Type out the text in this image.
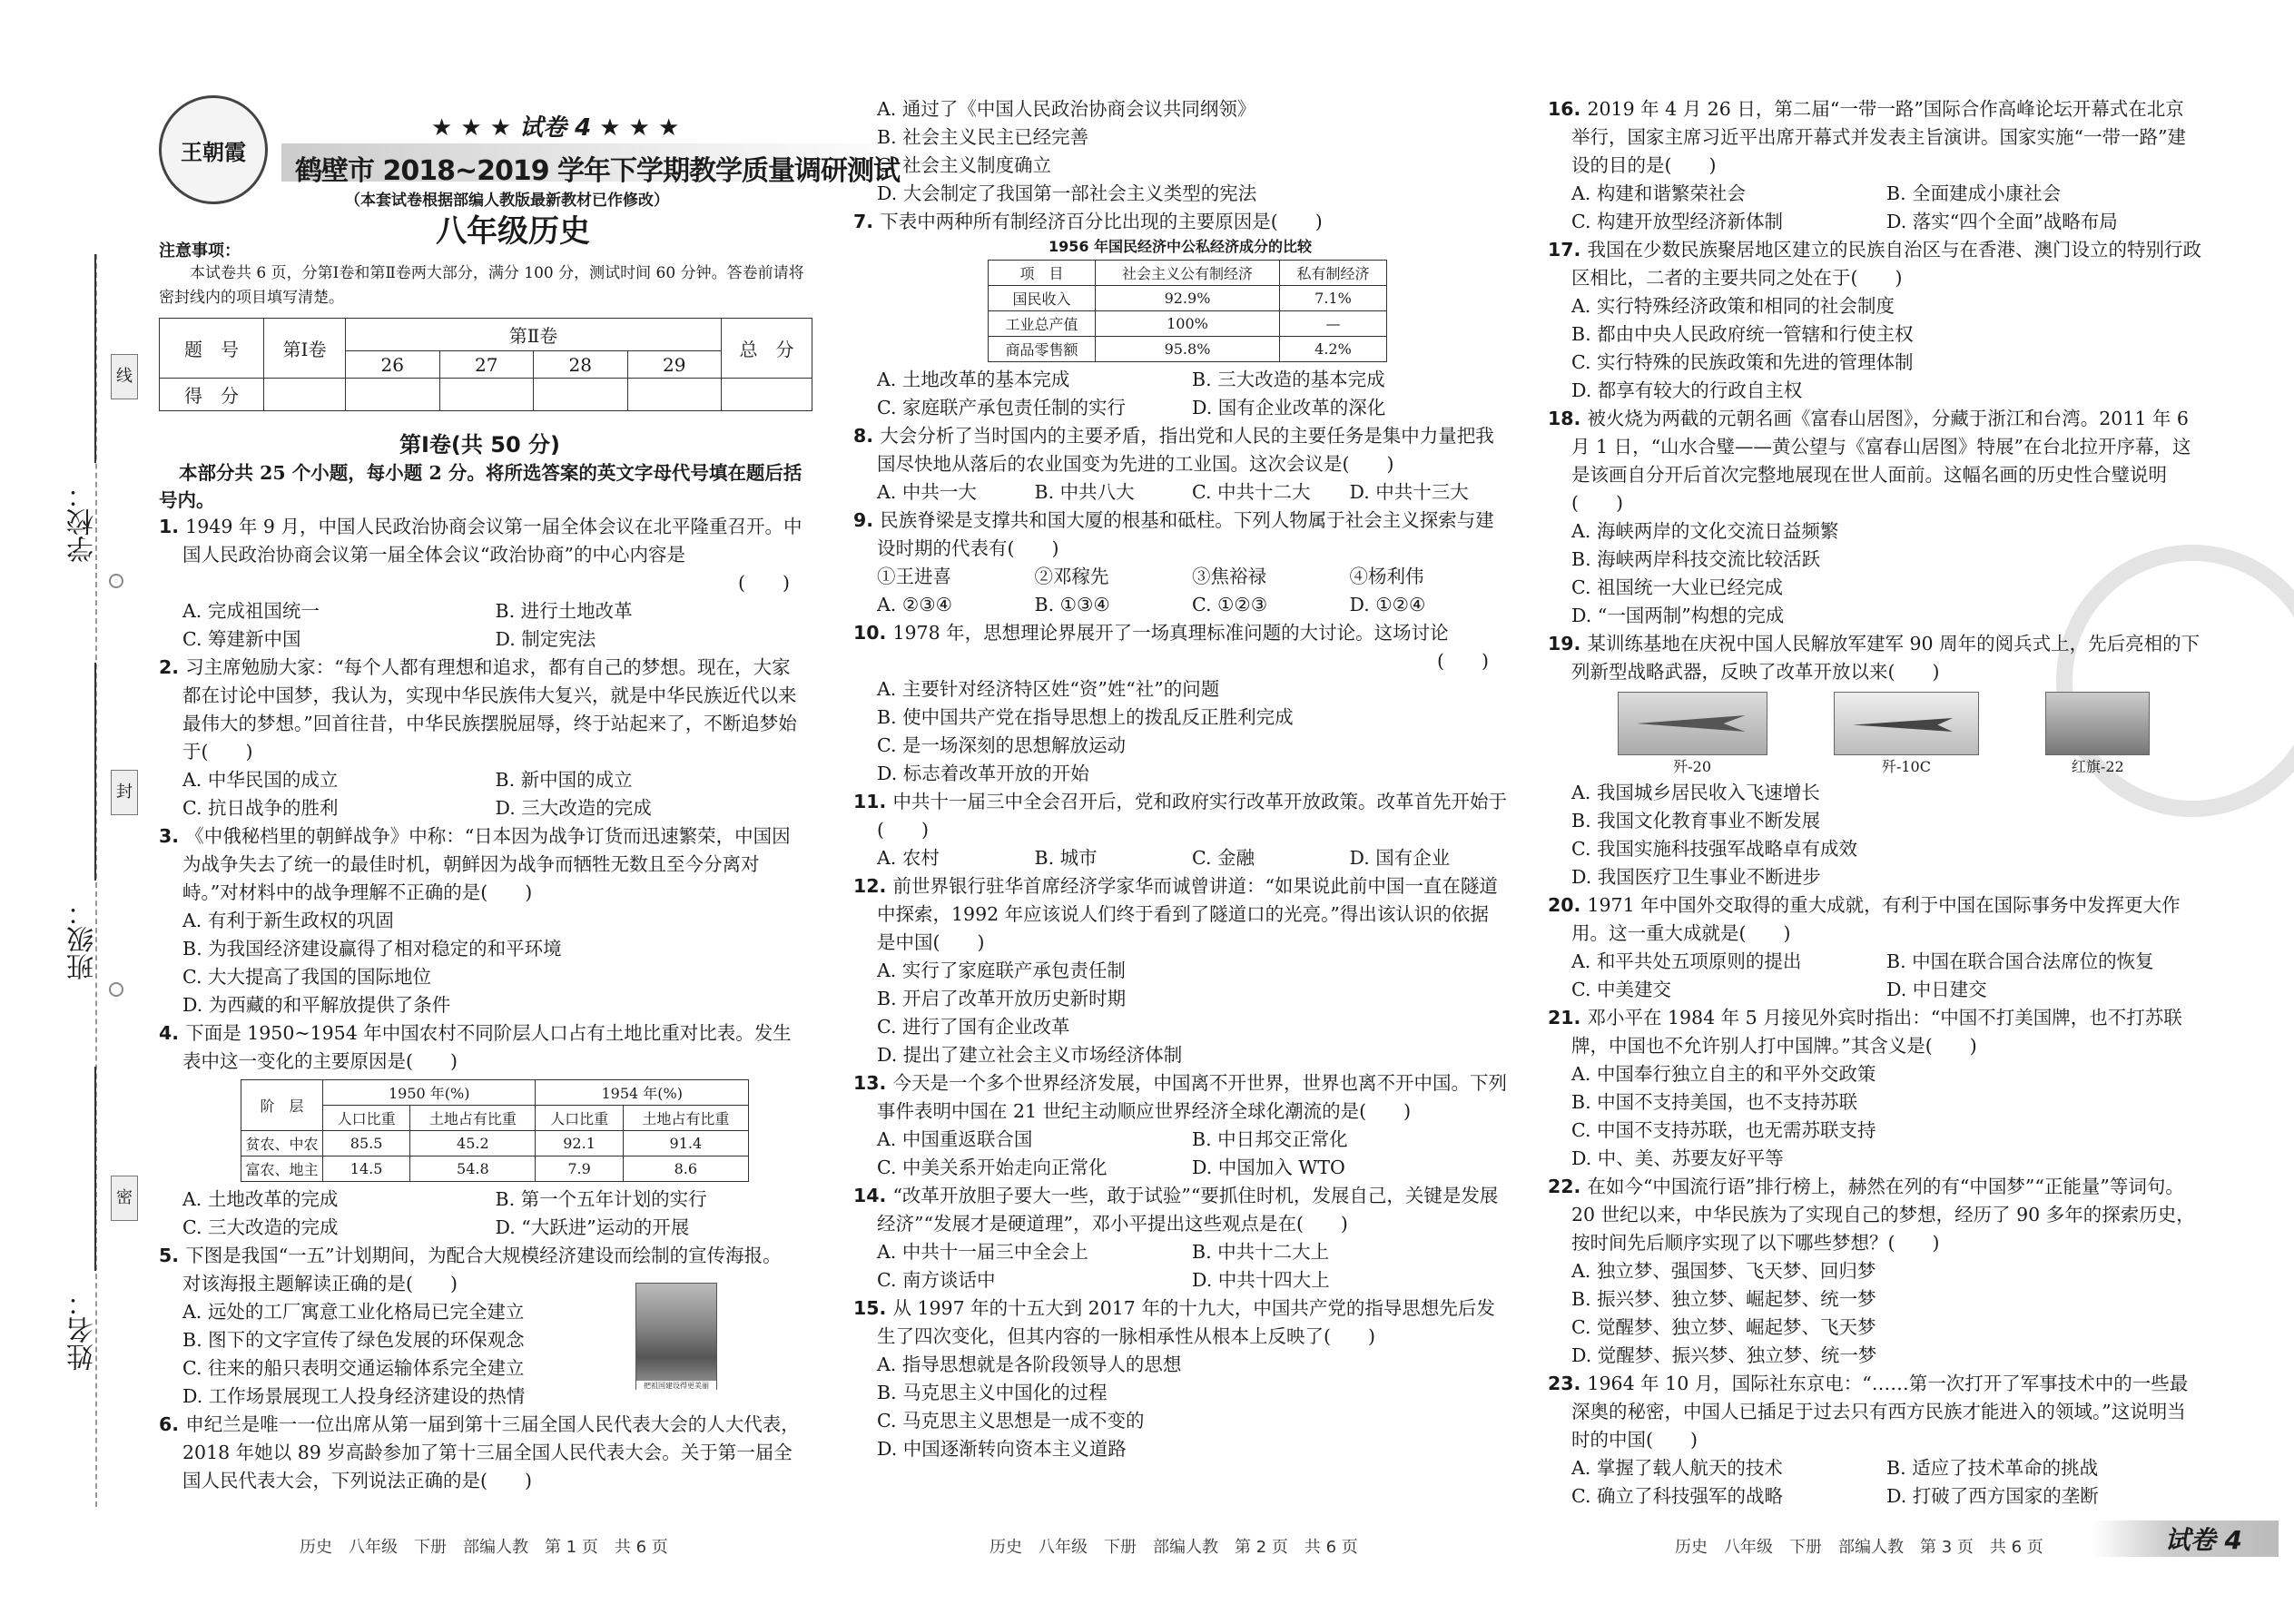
线
封
密
学校：
班级：
姓名：
王朝霞
★ ★ ★ 试卷 4 ★ ★ ★
鹤壁市 2018~2019 学年下学期教学质量调研测试
（本套试卷根据部编人教版最新教材已作修改）
八年级历史
注意事项：
本试卷共 6 页，分第Ⅰ卷和第Ⅱ卷两大部分，满分 100 分，测试时间 60 分钟。答卷前请将密封线内的项目填写清楚。
题　号	第Ⅰ卷	第Ⅱ卷				总　分
		26	27	28	29	
得　分						
第Ⅰ卷(共 50 分)
本部分共 25 个小题，每小题 2 分。将所选答案的英文字母代号填在题后括号内。
1. 1949 年 9 月，中国人民政治协商会议第一届全体会议在北平隆重召开。中国人民政治协商会议第一届全体会议“政治协商”的中心内容是
(　　)
A. 完成祖国统一	B. 进行土地改革
C. 筹建新中国	D. 制定宪法
2. 习主席勉励大家：“每个人都有理想和追求，都有自己的梦想。现在，大家都在讨论中国梦，我认为，实现中华民族伟大复兴，就是中华民族近代以来最伟大的梦想。”回首往昔，中华民族摆脱屈辱，终于站起来了，不断追梦始于(　　)
A. 中华民国的成立	B. 新中国的成立
C. 抗日战争的胜利	D. 三大改造的完成
3. 《中俄秘档里的朝鲜战争》中称：“日本因为战争订货而迅速繁荣，中国因为战争失去了统一的最佳时机，朝鲜因为战争而牺牲无数且至今分离对峙。”对材料中的战争理解不正确的是(　　)
A. 有利于新生政权的巩固
B. 为我国经济建设赢得了相对稳定的和平环境
C. 大大提高了我国的国际地位
D. 为西藏的和平解放提供了条件
4. 下面是 1950~1954 年中国农村不同阶层人口占有土地比重对比表。发生表中这一变化的主要原因是(　　)
阶　层	1950 年(%)		1954 年(%)	
	人口比重	土地占有比重	人口比重	土地占有比重
贫农、中农	85.5	45.2	92.1	91.4
富农、地主	14.5	54.8	7.9	8.6
A. 土地改革的完成	B. 第一个五年计划的实行
C. 三大改造的完成	D. “大跃进”运动的开展
5. 下图是我国“一五”计划期间，为配合大规模经济建设而绘制的宣传海报。对该海报主题解读正确的是(　　)
A. 远处的工厂寓意工业化格局已完全建立
B. 图下的文字宣传了绿色发展的环保观念
C. 往来的船只表明交通运输体系完全建立
D. 工作场景展现工人投身经济建设的热情	把祖国建设得更美丽
6. 申纪兰是唯一一位出席从第一届到第十三届全国人民代表大会的人大代表，2018 年她以 89 岁高龄参加了第十三届全国人民代表大会。关于第一届全国人民代表大会，下列说法正确的是(　　)
历史　八年级　下册　部编人教　第 1 页　共 6 页
A. 通过了《中国人民政治协商会议共同纲领》
B. 社会主义民主已经完善
C. 社会主义制度确立
D. 大会制定了我国第一部社会主义类型的宪法
7. 下表中两种所有制经济百分比出现的主要原因是(　　)
1956 年国民经济中公私经济成分的比较
项　目	社会主义公有制经济	私有制经济
国民收入	92.9%	7.1%
工业总产值	100%	—
商品零售额	95.8%	4.2%
A. 土地改革的基本完成	B. 三大改造的基本完成
C. 家庭联产承包责任制的实行	D. 国有企业改革的深化
8. 大会分析了当时国内的主要矛盾，指出党和人民的主要任务是集中力量把我国尽快地从落后的农业国变为先进的工业国。这次会议是(　　)
A. 中共一大	B. 中共八大	C. 中共十二大	D. 中共十三大
9. 民族脊梁是支撑共和国大厦的根基和砥柱。下列人物属于社会主义探索与建设时期的代表有(　　)
①王进喜	②邓稼先	③焦裕禄	④杨利伟
A. ②③④	B. ①③④	C. ①②③	D. ①②④
10. 1978 年，思想理论界展开了一场真理标准问题的大讨论。这场讨论
(　　)
A. 主要针对经济特区姓“资”姓“社”的问题
B. 使中国共产党在指导思想上的拨乱反正胜利完成
C. 是一场深刻的思想解放运动
D. 标志着改革开放的开始
11. 中共十一届三中全会召开后，党和政府实行改革开放政策。改革首先开始于(　　)
A. 农村	B. 城市	C. 金融	D. 国有企业
12. 前世界银行驻华首席经济学家华而诚曾讲道：“如果说此前中国一直在隧道中探索，1992 年应该说人们终于看到了隧道口的光亮。”得出该认识的依据是中国(　　)
A. 实行了家庭联产承包责任制
B. 开启了改革开放历史新时期
C. 进行了国有企业改革
D. 提出了建立社会主义市场经济体制
13. 今天是一个多个世界经济发展，中国离不开世界，世界也离不开中国。下列事件表明中国在 21 世纪主动顺应世界经济全球化潮流的是(　　)
A. 中国重返联合国	B. 中日邦交正常化
C. 中美关系开始走向正常化	D. 中国加入 WTO
14. “改革开放胆子要大一些，敢于试验”“要抓住时机，发展自己，关键是发展经济”“发展才是硬道理”，邓小平提出这些观点是在(　　)
A. 中共十一届三中全会上	B. 中共十二大上
C. 南方谈话中	D. 中共十四大上
15. 从 1997 年的十五大到 2017 年的十九大，中国共产党的指导思想先后发生了四次变化，但其内容的一脉相承性从根本上反映了(　　)
A. 指导思想就是各阶段领导人的思想
B. 马克思主义中国化的过程
C. 马克思主义思想是一成不变的
D. 中国逐渐转向资本主义道路
历史　八年级　下册　部编人教　第 2 页　共 6 页
16. 2019 年 4 月 26 日，第二届“一带一路”国际合作高峰论坛开幕式在北京举行，国家主席习近平出席开幕式并发表主旨演讲。国家实施“一带一路”建设的目的是(　　)
A. 构建和谐繁荣社会	B. 全面建成小康社会
C. 构建开放型经济新体制	D. 落实“四个全面”战略布局
17. 我国在少数民族聚居地区建立的民族自治区与在香港、澳门设立的特别行政区相比，二者的主要共同之处在于(　　)
A. 实行特殊经济政策和相同的社会制度
B. 都由中央人民政府统一管辖和行使主权
C. 实行特殊的民族政策和先进的管理体制
D. 都享有较大的行政自主权
18. 被火烧为两截的元朝名画《富春山居图》，分藏于浙江和台湾。2011 年 6 月 1 日，“山水合璧——黄公望与《富春山居图》特展”在台北拉开序幕，这是该画自分开后首次完整地展现在世人面前。这幅名画的历史性合璧说明(　　)
A. 海峡两岸的文化交流日益频繁
B. 海峡两岸科技交流比较活跃
C. 祖国统一大业已经完成
D. “一国两制”构想的完成
19. 某训练基地在庆祝中国人民解放军建军 90 周年的阅兵式上，先后亮相的下列新型战略武器，反映了改革开放以来(　　)
歼-20	歼-10C	红旗-22
A. 我国城乡居民收入飞速增长
B. 我国文化教育事业不断发展
C. 我国实施科技强军战略卓有成效
D. 我国医疗卫生事业不断进步
20. 1971 年中国外交取得的重大成就，有利于中国在国际事务中发挥更大作用。这一重大成就是(　　)
A. 和平共处五项原则的提出	B. 中国在联合国合法席位的恢复
C. 中美建交	D. 中日建交
21. 邓小平在 1984 年 5 月接见外宾时指出：“中国不打美国牌，也不打苏联牌，中国也不允许别人打中国牌。”其含义是(　　)
A. 中国奉行独立自主的和平外交政策
B. 中国不支持美国，也不支持苏联
C. 中国不支持苏联，也无需苏联支持
D. 中、美、苏要友好平等
22. 在如今“中国流行语”排行榜上，赫然在列的有“中国梦”“正能量”等词句。20 世纪以来，中华民族为了实现自己的梦想，经历了 90 多年的探索历史，按时间先后顺序实现了以下哪些梦想？(　　)
A. 独立梦、强国梦、飞天梦、回归梦
B. 振兴梦、独立梦、崛起梦、统一梦
C. 觉醒梦、独立梦、崛起梦、飞天梦
D. 觉醒梦、振兴梦、独立梦、统一梦
23. 1964 年 10 月，国际社东京电：“……第一次打开了军事技术中的一些最深奥的秘密，中国人已插足于过去只有西方民族才能进入的领域。”这说明当时的中国(　　)
A. 掌握了载人航天的技术	B. 适应了技术革命的挑战
C. 确立了科技强军的战略	D. 打破了西方国家的垄断
历史　八年级　下册　部编人教　第 3 页　共 6 页	试卷 4
